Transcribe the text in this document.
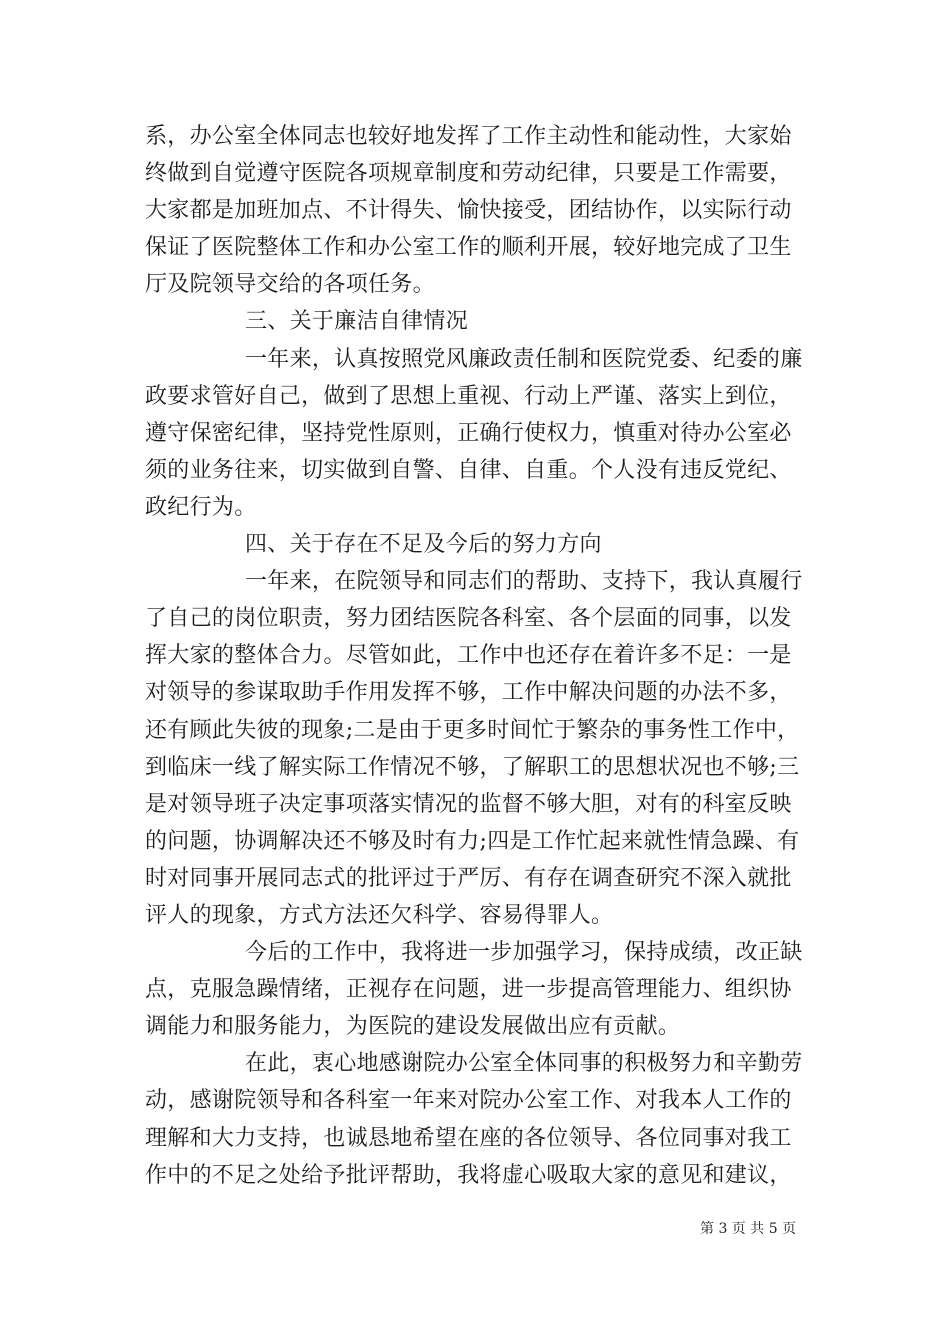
系，办公室全体同志也较好地发挥了工作主动性和能动性，大家始
终做到自觉遵守医院各项规章制度和劳动纪律，只要是工作需要，
大家都是加班加点、不计得失、愉快接受，团结协作，以实际行动
保证了医院整体工作和办公室工作的顺利开展，较好地完成了卫生
厅及院领导交给的各项任务。
三、关于廉洁自律情况
一年来，认真按照党风廉政责任制和医院党委、纪委的廉
政要求管好自己，做到了思想上重视、行动上严谨、落实上到位，
遵守保密纪律，坚持党性原则，正确行使权力，慎重对待办公室必
须的业务往来，切实做到自警、自律、自重。个人没有违反党纪、
政纪行为。
四、关于存在不足及今后的努力方向
一年来，在院领导和同志们的帮助、支持下，我认真履行
了自己的岗位职责，努力团结医院各科室、各个层面的同事，以发
挥大家的整体合力。尽管如此，工作中也还存在着许多不足：一是
对领导的参谋取助手作用发挥不够，工作中解决问题的办法不多，
还有顾此失彼的现象;二是由于更多时间忙于繁杂的事务性工作中，
到临床一线了解实际工作情况不够，了解职工的思想状况也不够;三
是对领导班子决定事项落实情况的监督不够大胆，对有的科室反映
的问题，协调解决还不够及时有力;四是工作忙起来就性情急躁、有
时对同事开展同志式的批评过于严厉、有存在调查研究不深入就批
评人的现象，方式方法还欠科学、容易得罪人。
今后的工作中，我将进一步加强学习，保持成绩，改正缺
点，克服急躁情绪，正视存在问题，进一步提高管理能力、组织协
调能力和服务能力，为医院的建设发展做出应有贡献。
在此，衷心地感谢院办公室全体同事的积极努力和辛勤劳
动，感谢院领导和各科室一年来对院办公室工作、对我本人工作的
理解和大力支持，也诚恳地希望在座的各位领导、各位同事对我工
作中的不足之处给予批评帮助，我将虚心吸取大家的意见和建议，
第 3 页 共 5 页
